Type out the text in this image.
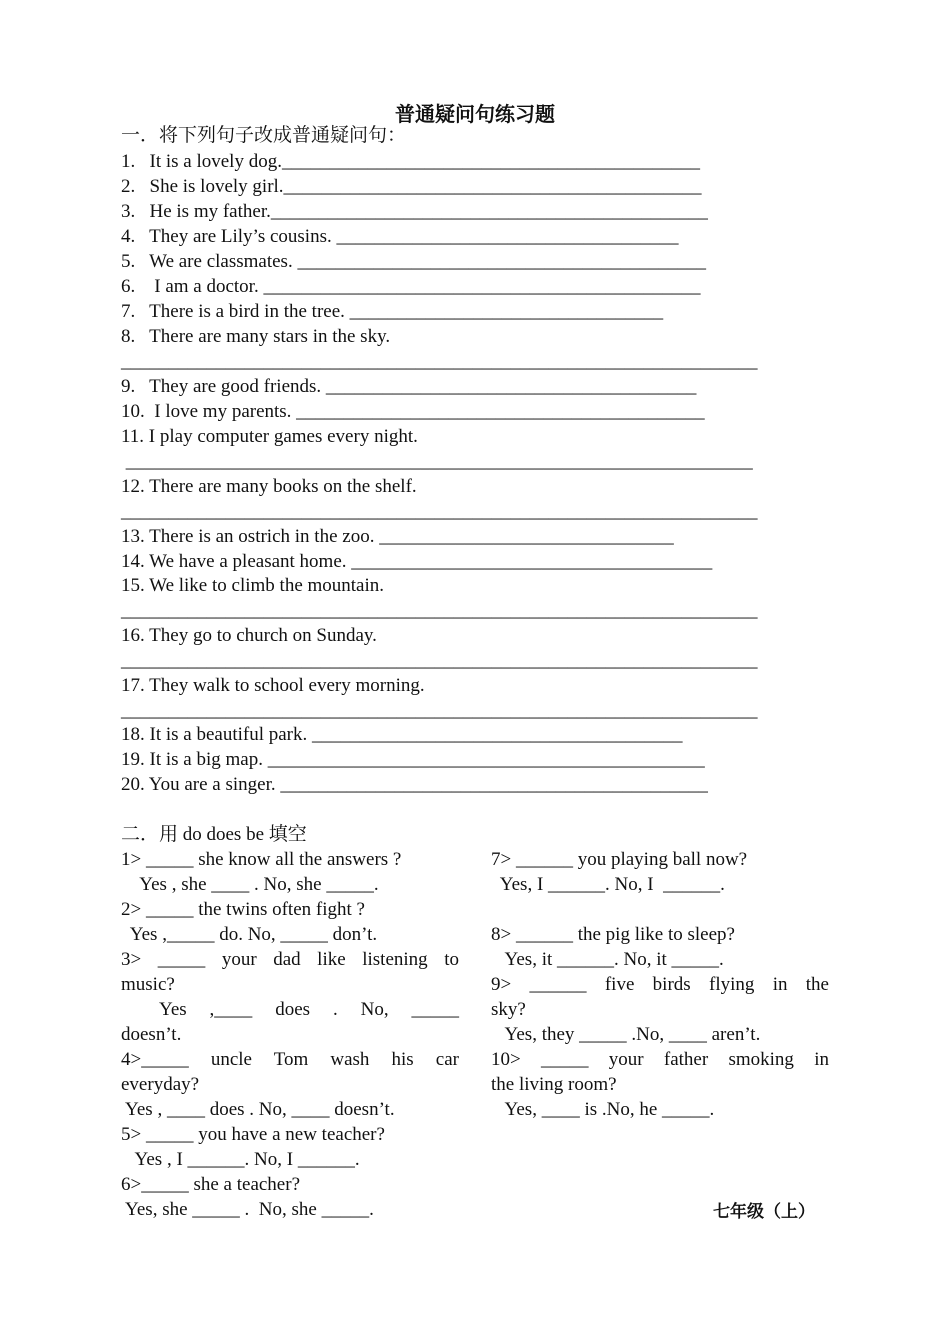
普通疑问句练习题
一．将下列句子改成普通疑问句：
1.   It is a lovely dog.____________________________________________
2.   She is lovely girl.____________________________________________
3.   He is my father.______________________________________________
4.   They are Lily’s cousins. ____________________________________
5.   We are classmates. ___________________________________________
6.    I am a doctor. ______________________________________________
7.   There is a bird in the tree. _________________________________
8.   There are many stars in the sky.
___________________________________________________________________
9.   They are good friends. _______________________________________
10.  I love my parents. ___________________________________________
11. I play computer games every night.
__________________________________________________________________
12. There are many books on the shelf.
___________________________________________________________________
13. There is an ostrich in the zoo. _______________________________
14. We have a pleasant home. ______________________________________
15. We like to climb the mountain.
___________________________________________________________________
16. They go to church on Sunday.
___________________________________________________________________
17. They walk to school every morning.
___________________________________________________________________
18. It is a beautiful park. _______________________________________
19. It is a big map. ______________________________________________
20. You are a singer. _____________________________________________
二．用 do does be 填空
1> _____ she know all the answers ?
Yes , she ____ . No, she _____.
2> _____ the twins often fight ?
Yes ,_____ do. No, _____ don’t.
3> _____ your dad like listening to
music?
Yes ,____ does . No, _____
doesn’t.
4>_____ uncle Tom wash his car
everyday?
Yes , ____ does . No, ____ doesn’t.
5> _____ you have a new teacher?
Yes , I ______. No, I ______.
6>_____ she a teacher?
Yes, she _____ .  No, she _____.
7> ______ you playing ball now?
Yes, I ______. No, I  ______.
8> ______ the pig like to sleep?
Yes, it ______. No, it _____.
9> ______ five birds flying in the
sky?
Yes, they _____ .No, ____ aren’t.
10> _____ your father smoking in
the living room?
Yes, ____ is .No, he _____.
七年级（上）
